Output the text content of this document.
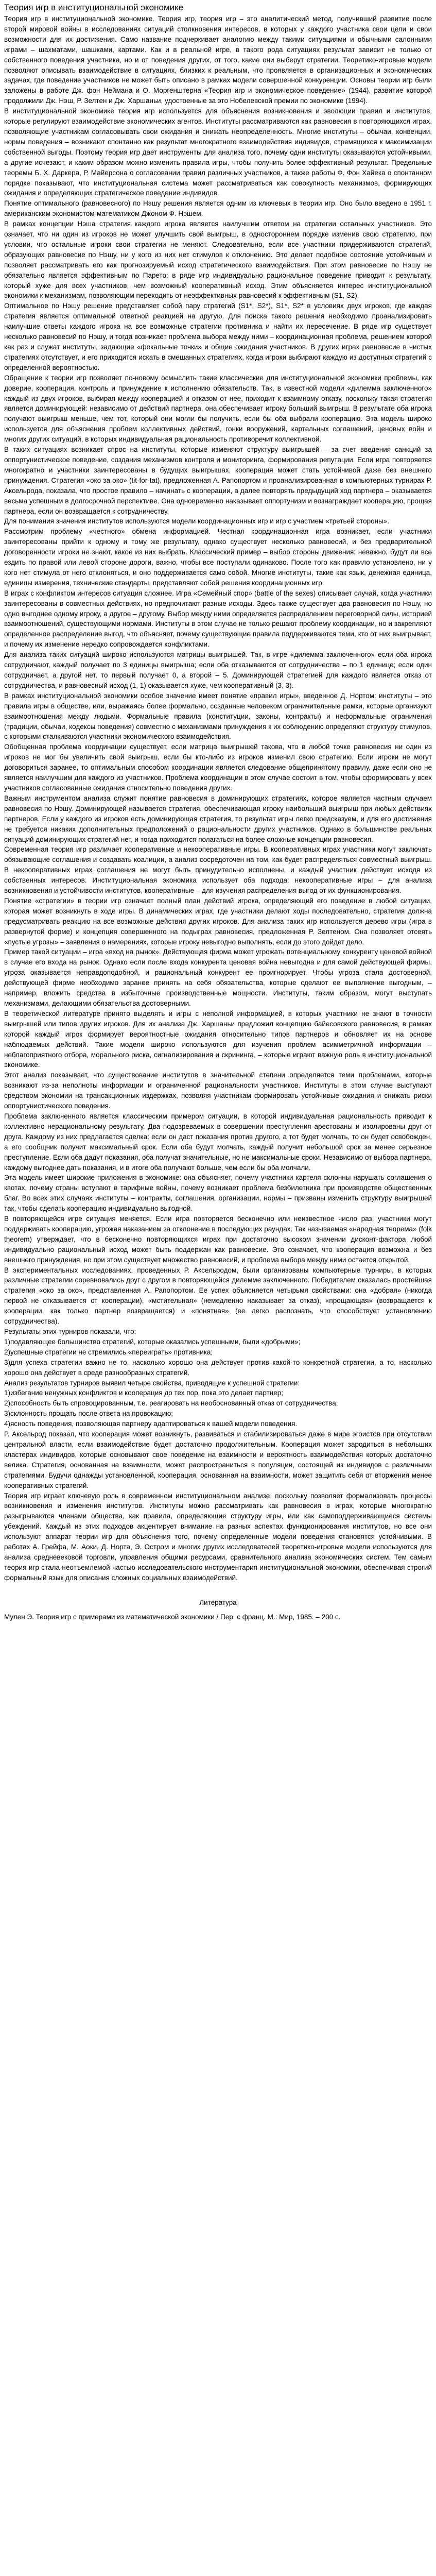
Теория игр в институциональной экономике

Теория игр в институциональной экономике. Теория игр, теория игр – это аналитический метод, получивший развитие после второй мировой войны в исследованиях ситуаций столкновения интересов, в которых у каждого участника свои цели и свои возможности для их достижения. Само название подчеркивает аналогию между такими ситуациями и обычными салонными играми – шахматами, шашками, картами. Как и в реальной игре, в такого рода ситуациях результат зависит не только от собственного поведения участника, но и от поведения других, от того, какие они выберут стратегии. Теоретико-игровые модели позволяют описывать взаимодействие в ситуациях, близких к реальным, что проявляется в организационных и экономических задачах, где поведение участников не может быть описано в рамках модели совершенной конкуренции. Основы теории игр были заложены в работе Дж. фон Неймана и О. Моргенштерна «Теория игр и экономическое поведение» (1944), развитие которой продолжили Дж. Нэш, Р. Зелтен и Дж. Харшаньи, удостоенные за это Нобелевской премии по экономике (1994).

В институциональной экономике теория игр используется для объяснения возникновения и эволюции правил и институтов, которые регулируют взаимодействие экономических агентов. Институты рассматриваются как равновесия в повторяющихся играх, позволяющие участникам согласовывать свои ожидания и снижать неопределенность. Многие институты – обычаи, конвенции, нормы поведения – возникают спонтанно как результат многократного взаимодействия индивидов, стремящихся к максимизации собственной выгоды. Поэтому теория игр дает инструменты для анализа того, почему одни институты оказываются устойчивыми, а другие исчезают, и каким образом можно изменить правила игры, чтобы получить более эффективный результат. Предельные теоремы Б. Х. Даркера, Р. Майерсона о согласовании правил различных участников, а также работы Ф. Фон Хайека о спонтанном порядке показывают, что институциональная система может рассматриваться как совокупность механизмов, формирующих ожидания и определяющих стратегическое поведение индивидов.

Понятие оптимального (равновесного) по Нэшу решения является одним из ключевых в теории игр. Оно было введено в 1951 г. американским экономистом-математиком Джоном Ф. Нэшем.

В рамках концепции Нэша стратегия каждого игрока является наилучшим ответом на стратегии остальных участников. Это означает, что ни один из игроков не может улучшить свой выигрыш, в одностороннем порядке изменив свою стратегию, при условии, что остальные игроки свои стратегии не меняют. Следовательно, если все участники придерживаются стратегий, образующих равновесие по Нэшу, ни у кого из них нет стимулов к отклонению. Это делает подобное состояние устойчивым и позволяет рассматривать его как прогнозируемый исход стратегического взаимодействия. При этом равновесие по Нэшу не обязательно является эффективным по Парето: в ряде игр индивидуально рациональное поведение приводит к результату, который хуже для всех участников, чем возможный кооперативный исход. Этим объясняется интерес институциональной экономики к механизмам, позволяющим переходить от неэффективных равновесий к эффективным (S1, S2).

Оптимальное по Нэшу решение представляет собой пару стратегий (S1*, S2*), S1*, S2* в условиях двух игроков, где каждая стратегия является оптимальной ответной реакцией на другую. Для поиска такого решения необходимо проанализировать наилучшие ответы каждого игрока на все возможные стратегии противника и найти их пересечение. В ряде игр существует несколько равновесий по Нэшу, и тогда возникает проблема выбора между ними – координационная проблема, решением которой как раз и служат институты, задающие «фокальные точки» и общие ожидания участников. В других играх равновесие в чистых стратегиях отсутствует, и его приходится искать в смешанных стратегиях, когда игроки выбирают каждую из доступных стратегий с определенной вероятностью.

Обращение к теории игр позволяет по-новому осмыслить такие классические для институциональной экономики проблемы, как доверие, кооперация, контроль и принуждение к исполнению обязательств. Так, в известной модели «дилемма заключенного» каждый из двух игроков, выбирая между кооперацией и отказом от нее, приходит к взаимному отказу, поскольку такая стратегия является доминирующей: независимо от действий партнера, она обеспечивает игроку больший выигрыш. В результате оба игрока получают выигрыш меньше, чем тот, который они могли бы получить, если бы оба выбрали кооперацию. Эта модель широко используется для объяснения проблем коллективных действий, гонки вооружений, картельных соглашений, ценовых войн и многих других ситуаций, в которых индивидуальная рациональность противоречит коллективной.

В таких ситуациях возникает спрос на институты, которые изменяют структуру выигрышей – за счет введения санкций за оппортунистическое поведение, создания механизмов контроля и мониторинга, формирования репутации. Если игра повторяется многократно и участники заинтересованы в будущих выигрышах, кооперация может стать устойчивой даже без внешнего принуждения. Стратегия «око за око» (tit-for-tat), предложенная А. Рапопортом и проанализированная в компьютерных турнирах Р. Аксельрода, показала, что простое правило – начинать с кооперации, а далее повторять предыдущий ход партнера – оказывается весьма успешным в долгосрочной перспективе. Она одновременно наказывает оппортунизм и вознаграждает кооперацию, прощая партнера, если он возвращается к сотрудничеству.

Для понимания значения институтов используются модели координационных игр и игр с участием «третьей стороны».

Рассмотрим проблему «честного» обмена информацией. Честная координационная игра возникает, если участники заинтересованы прийти к одному и тому же результату, однако существует несколько равновесий, и без предварительной договоренности игроки не знают, какое из них выбрать. Классический пример – выбор стороны движения: неважно, будут ли все ездить по правой или левой стороне дороги, важно, чтобы все поступали одинаково. После того как правило установлено, ни у кого нет стимула от него отклоняться, и оно поддерживается само собой. Многие институты, такие как язык, денежная единица, единицы измерения, технические стандарты, представляют собой решения координационных игр.

В играх с конфликтом интересов ситуация сложнее. Игра «Семейный спор» (battle of the sexes) описывает случай, когда участники заинтересованы в совместных действиях, но предпочитают разные исходы. Здесь также существует два равновесия по Нэшу, но одно выгоднее одному игроку, а другое – другому. Выбор между ними определяется распределением переговорной силы, историей взаимоотношений, существующими нормами. Институты в этом случае не только решают проблему координации, но и закрепляют определенное распределение выгод, что объясняет, почему существующие правила поддерживаются теми, кто от них выигрывает, и почему их изменение нередко сопровождается конфликтами.

Для анализа таких ситуаций широко используются матрицы выигрышей. Так, в игре «дилемма заключенного» если оба игрока сотрудничают, каждый получает по 3 единицы выигрыша; если оба отказываются от сотрудничества – по 1 единице; если один сотрудничает, а другой нет, то первый получает 0, а второй – 5. Доминирующей стратегией для каждого является отказ от сотрудничества, и равновесный исход (1, 1) оказывается хуже, чем кооперативный (3, 3).

В рамках институциональной экономики особое значение имеет понятие «правил игры», введенное Д. Нортом: институты – это правила игры в обществе, или, выражаясь более формально, созданные человеком ограничительные рамки, которые организуют взаимоотношения между людьми. Формальные правила (конституции, законы, контракты) и неформальные ограничения (традиции, обычаи, кодексы поведения) совместно с механизмами принуждения к их соблюдению определяют структуру стимулов, с которыми сталкиваются участники экономического взаимодействия.

Обобщенная проблема координации существует, если матрица выигрышей такова, что в любой точке равновесия ни один из игроков не мог бы увеличить свой выигрыш, если бы кто-либо из игроков изменил свою стратегию. Если игроки не могут договориться заранее, то оптимальным способом координации является следование общепринятому правилу, даже если оно не является наилучшим для каждого из участников. Проблема координации в этом случае состоит в том, чтобы сформировать у всех участников согласованные ожидания относительно поведения других.

Важным инструментом анализа служит понятие равновесия в доминирующих стратегиях, которое является частным случаем равновесия по Нэшу. Доминирующей называется стратегия, обеспечивающая игроку наибольший выигрыш при любых действиях партнеров. Если у каждого из игроков есть доминирующая стратегия, то результат игры легко предсказуем, и для его достижения не требуется никаких дополнительных предположений о рациональности других участников. Однако в большинстве реальных ситуаций доминирующих стратегий нет, и тогда приходится полагаться на более сложные концепции равновесия.

Современная теория игр различает кооперативные и некооперативные игры. В кооперативных играх участники могут заключать обязывающие соглашения и создавать коалиции, а анализ сосредоточен на том, как будет распределяться совместный выигрыш. В некооперативных играх соглашения не могут быть принудительно исполнены, и каждый участник действует исходя из собственных интересов. Институциональная экономика использует оба подхода: некооперативные игры – для анализа возникновения и устойчивости институтов, кооперативные – для изучения распределения выгод от их функционирования.

Понятие «стратегии» в теории игр означает полный план действий игрока, определяющий его поведение в любой ситуации, которая может возникнуть в ходе игры. В динамических играх, где участники делают ходы последовательно, стратегия должна предусматривать реакцию на все возможные действия других игроков. Для анализа таких игр используется дерево игры (игра в развернутой форме) и концепция совершенного на подыграх равновесия, предложенная Р. Зелтеном. Она позволяет отсеять «пустые угрозы» – заявления о намерениях, которые игроку невыгодно выполнять, если до этого дойдет дело.

Пример такой ситуации – игра «вход на рынок». Действующая фирма может угрожать потенциальному конкуренту ценовой войной в случае его входа на рынок. Однако если после входа конкурента ценовая война невыгодна и для самой действующей фирмы, угроза оказывается неправдоподобной, и рациональный конкурент ее проигнорирует. Чтобы угроза стала достоверной, действующей фирме необходимо заранее принять на себя обязательства, которые сделают ее выполнение выгодным, – например, вложить средства в избыточные производственные мощности. Институты, таким образом, могут выступать механизмами, делающими обязательства достоверными.

В теоретической литературе принято выделять и игры с неполной информацией, в которых участники не знают в точности выигрышей или типов других игроков. Для их анализа Дж. Харшаньи предложил концепцию байесовского равновесия, в рамках которой каждый игрок формирует вероятностные ожидания относительно типов партнеров и обновляет их на основе наблюдаемых действий. Такие модели широко используются для изучения проблем асимметричной информации – неблагоприятного отбора, морального риска, сигнализирования и скрининга, – которые играют важную роль в институциональной экономике.

Этот анализ показывает, что существование институтов в значительной степени определяется теми проблемами, которые возникают из-за неполноты информации и ограниченной рациональности участников. Институты в этом случае выступают средством экономии на трансакционных издержках, позволяя участникам формировать устойчивые ожидания и снижать риски оппортунистического поведения.

Проблема заключенного является классическим примером ситуации, в которой индивидуальная рациональность приводит к коллективно нерациональному результату. Два подозреваемых в совершении преступления арестованы и изолированы друг от друга. Каждому из них предлагается сделка: если он даст показания против другого, а тот будет молчать, то он будет освобожден, а его сообщник получит максимальный срок. Если оба будут молчать, каждый получит небольшой срок за менее серьезное преступление. Если оба дадут показания, оба получат значительные, но не максимальные сроки. Независимо от выбора партнера, каждому выгоднее дать показания, и в итоге оба получают больше, чем если бы оба молчали.

Эта модель имеет широкие приложения в экономике: она объясняет, почему участники картеля склонны нарушать соглашения о квотах, почему страны вступают в тарифные войны, почему возникает проблема безбилетника при производстве общественных благ. Во всех этих случаях институты – контракты, соглашения, организации, нормы – призваны изменить структуру выигрышей так, чтобы сделать кооперацию индивидуально выгодной.

В повторяющейся игре ситуация меняется. Если игра повторяется бесконечно или неизвестное число раз, участники могут поддерживать кооперацию, угрожая наказанием за отклонение в последующих раундах. Так называемая «народная теорема» (folk theorem) утверждает, что в бесконечно повторяющихся играх при достаточно высоком значении дисконт-фактора любой индивидуально рациональный исход может быть поддержан как равновесие. Это означает, что кооперация возможна и без внешнего принуждения, но при этом существует множество равновесий, и проблема выбора между ними остается открытой.

В экспериментальных исследованиях, проведенных Р. Аксельродом, были организованы компьютерные турниры, в которых различные стратегии соревновались друг с другом в повторяющейся дилемме заключенного. Победителем оказалась простейшая стратегия «око за око», представленная А. Рапопортом. Ее успех объясняется четырьмя свойствами: она «добрая» (никогда первой не отказывается от кооперации), «мстительная» (немедленно наказывает за отказ), «прощающая» (возвращается к кооперации, как только партнер возвращается) и «понятная» (ее легко распознать, что способствует установлению сотрудничества).

Результаты этих турниров показали, что:

1)подавляющее большинство стратегий, которые оказались успешными, были «добрыми»;

2)успешные стратегии не стремились «переиграть» противника;

3)для успеха стратегии важно не то, насколько хорошо она действует против какой-то конкретной стратегии, а то, насколько хорошо она действует в среде разнообразных стратегий.

Анализ результатов турниров выявил четыре свойства, приводящие к успешной стратегии:

1)избегание ненужных конфликтов и кооперация до тех пор, пока это делает партнер;

2)способность быть спровоцированным, т.е. реагировать на необоснованный отказ от сотрудничества;

3)склонность прощать после ответа на провокацию;

4)ясность поведения, позволяющая партнеру адаптироваться к вашей модели поведения.

Р. Аксельрод показал, что кооперация может возникнуть, развиваться и стабилизироваться даже в мире эгоистов при отсутствии центральной власти, если взаимодействие будет достаточно продолжительным. Кооперация может зародиться в небольших кластерах индивидов, которые основывают свое поведение на взаимности и вероятность взаимодействия которых достаточно велика. Стратегия, основанная на взаимности, может распространиться в популяции, состоящей из индивидов с различными стратегиями. Будучи однажды установленной, кооперация, основанная на взаимности, может защитить себя от вторжения менее кооперативных стратегий.

Теория игр играет ключевую роль в современном институциональном анализе, поскольку позволяет формализовать процессы возникновения и изменения институтов. Институты можно рассматривать как равновесия в играх, которые многократно разыгрываются членами общества, как правила, определяющие структуру игры, или как самоподдерживающиеся системы убеждений. Каждый из этих подходов акцентирует внимание на разных аспектах функционирования институтов, но все они используют аппарат теории игр для объяснения того, почему определенные модели поведения становятся устойчивыми. В работах А. Грейфа, М. Аоки, Д. Норта, Э. Остром и многих других исследователей теоретико-игровые модели используются для анализа средневековой торговли, управления общими ресурсами, сравнительного анализа экономических систем. Тем самым теория игр стала неотъемлемой частью исследовательского инструментария институциональной экономики, обеспечивая строгий формальный язык для описания сложных социальных взаимодействий.

Литература

Мулен Э. Теория игр с примерами из математической экономики / Пер. с франц. М.: Мир, 1985. – 200 с.
